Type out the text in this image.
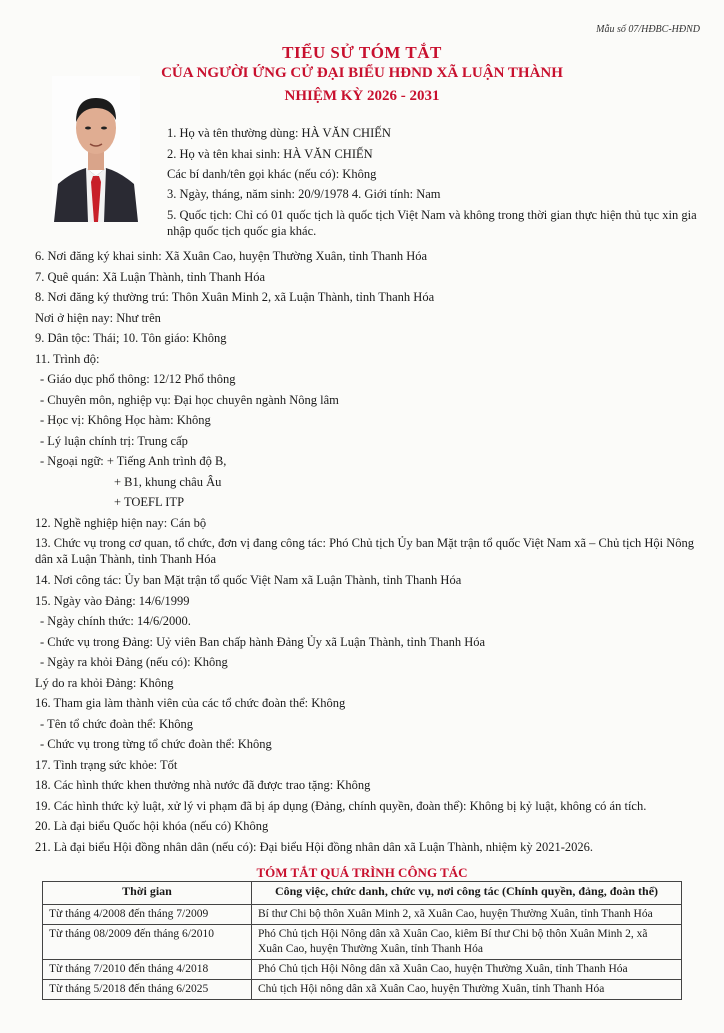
Mẫu số 07/HĐBC-HĐND
TIỂU SỬ TÓM TẮT
CỦA NGƯỜI ỨNG CỬ ĐẠI BIỂU HĐND XÃ LUẬN THÀNH
NHIỆM KỲ 2026 - 2031
1. Họ và tên thường dùng: HÀ VĂN CHIẾN
2. Họ và tên khai sinh: HÀ VĂN CHIẾN
Các bí danh/tên gọi khác (nếu có): Không
3. Ngày, tháng, năm sinh: 20/9/1978 4. Giới tính: Nam
5. Quốc tịch: Chỉ có 01 quốc tịch là quốc tịch Việt Nam và không trong thời gian thực hiện thủ tục xin gia nhập quốc tịch quốc gia khác.
6. Nơi đăng ký khai sinh: Xã Xuân Cao, huyện Thường Xuân, tỉnh Thanh Hóa
7. Quê quán: Xã Luận Thành, tỉnh Thanh Hóa
8. Nơi đăng ký thường trú: Thôn Xuân Minh 2, xã Luận Thành, tỉnh Thanh Hóa
Nơi ở hiện nay: Như trên
9. Dân tộc: Thái; 10. Tôn giáo: Không
11. Trình độ:
- Giáo dục phổ thông: 12/12 Phổ thông
- Chuyên môn, nghiệp vụ: Đại học chuyên ngành Nông lâm
- Học vị: Không Học hàm: Không
- Lý luận chính trị: Trung cấp
- Ngoại ngữ: + Tiếng Anh trình độ B,
+ B1, khung châu Âu
+ TOEFL ITP
12. Nghề nghiệp hiện nay: Cán bộ
13. Chức vụ trong cơ quan, tổ chức, đơn vị đang công tác: Phó Chủ tịch Ủy ban Mặt trận tổ quốc Việt Nam xã – Chủ tịch Hội Nông dân xã Luận Thành, tỉnh Thanh Hóa
14. Nơi công tác: Ủy ban Mặt trận tổ quốc Việt Nam xã Luận Thành, tỉnh Thanh Hóa
15. Ngày vào Đảng: 14/6/1999
- Ngày chính thức: 14/6/2000.
- Chức vụ trong Đảng: Uỷ viên Ban chấp hành Đảng Ủy xã Luận Thành, tỉnh Thanh Hóa
- Ngày ra khỏi Đảng (nếu có): Không
Lý do ra khỏi Đảng: Không
16. Tham gia làm thành viên của các tổ chức đoàn thể: Không
- Tên tổ chức đoàn thể: Không
- Chức vụ trong từng tổ chức đoàn thể: Không
17. Tình trạng sức khỏe: Tốt
18. Các hình thức khen thưởng nhà nước đã được trao tặng: Không
19. Các hình thức kỷ luật, xử lý vi phạm đã bị áp dụng (Đảng, chính quyền, đoàn thể): Không bị kỷ luật, không có án tích.
20. Là đại biểu Quốc hội khóa (nếu có) Không
21. Là đại biểu Hội đồng nhân dân (nếu có): Đại biểu Hội đồng nhân dân xã Luận Thành, nhiệm kỳ 2021-2026.
TÓM TẮT QUÁ TRÌNH CÔNG TÁC
Thời gian	Công việc, chức danh, chức vụ, nơi công tác (Chính quyền, đảng, đoàn thể)
Từ tháng 4/2008 đến tháng 7/2009	Bí thư Chi bộ thôn Xuân Minh 2, xã Xuân Cao, huyện Thường Xuân, tỉnh Thanh Hóa
Từ tháng 08/2009 đến tháng 6/2010	Phó Chủ tịch Hội Nông dân xã Xuân Cao, kiêm Bí thư Chi bộ thôn Xuân Minh 2, xã Xuân Cao, huyện Thường Xuân, tỉnh Thanh Hóa
Từ tháng 7/2010 đến tháng 4/2018	Phó Chủ tịch Hội Nông dân xã Xuân Cao, huyện Thường Xuân, tỉnh Thanh Hóa
Từ tháng 5/2018 đến tháng 6/2025	Chủ tịch Hội nông dân xã Xuân Cao, huyện Thường Xuân, tỉnh Thanh Hóa
